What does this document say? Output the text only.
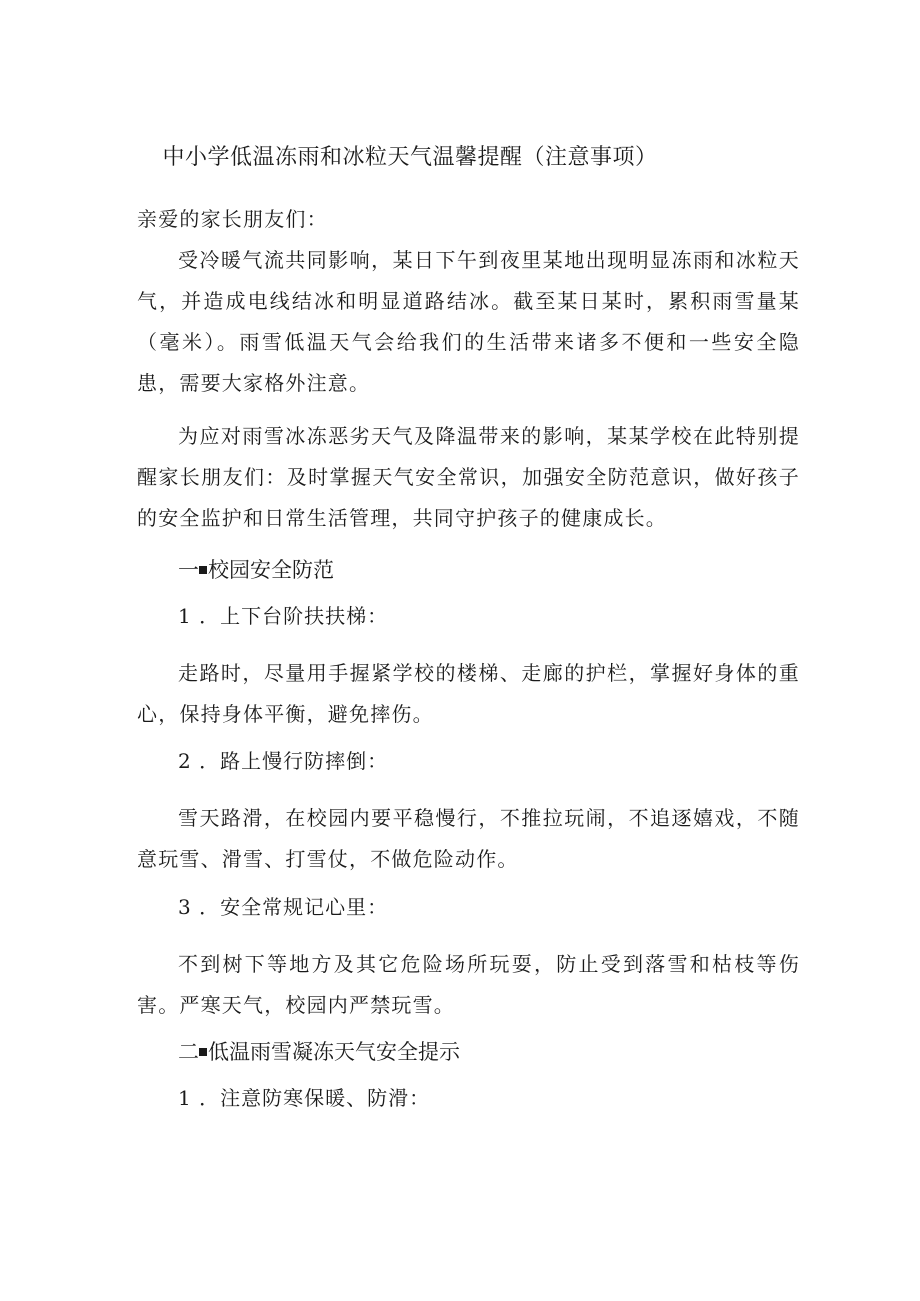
中小学低温冻雨和冰粒天气温馨提醒（注意事项）

亲爱的家长朋友们：

受冷暖气流共同影响，某日下午到夜里某地出现明显冻雨和冰粒天气，并造成电线结冰和明显道路结冰。截至某日某时，累积雨雪量某（毫米）。雨雪低温天气会给我们的生活带来诸多不便和一些安全隐患，需要大家格外注意。

为应对雨雪冰冻恶劣天气及降温带来的影响，某某学校在此特别提醒家长朋友们：及时掌握天气安全常识，加强安全防范意识，做好孩子的安全监护和日常生活管理，共同守护孩子的健康成长。

一 校园安全防范

1 ．上下台阶扶扶梯：

走路时，尽量用手握紧学校的楼梯、走廊的护栏，掌握好身体的重心，保持身体平衡，避免摔伤。

2 ．路上慢行防摔倒：

雪天路滑，在校园内要平稳慢行，不推拉玩闹，不追逐嬉戏，不随意玩雪、滑雪、打雪仗，不做危险动作。

3 ．安全常规记心里：

不到树下等地方及其它危险场所玩耍，防止受到落雪和枯枝等伤害。严寒天气，校园内严禁玩雪。

二 低温雨雪凝冻天气安全提示

1 ．注意防寒保暖、防滑：
